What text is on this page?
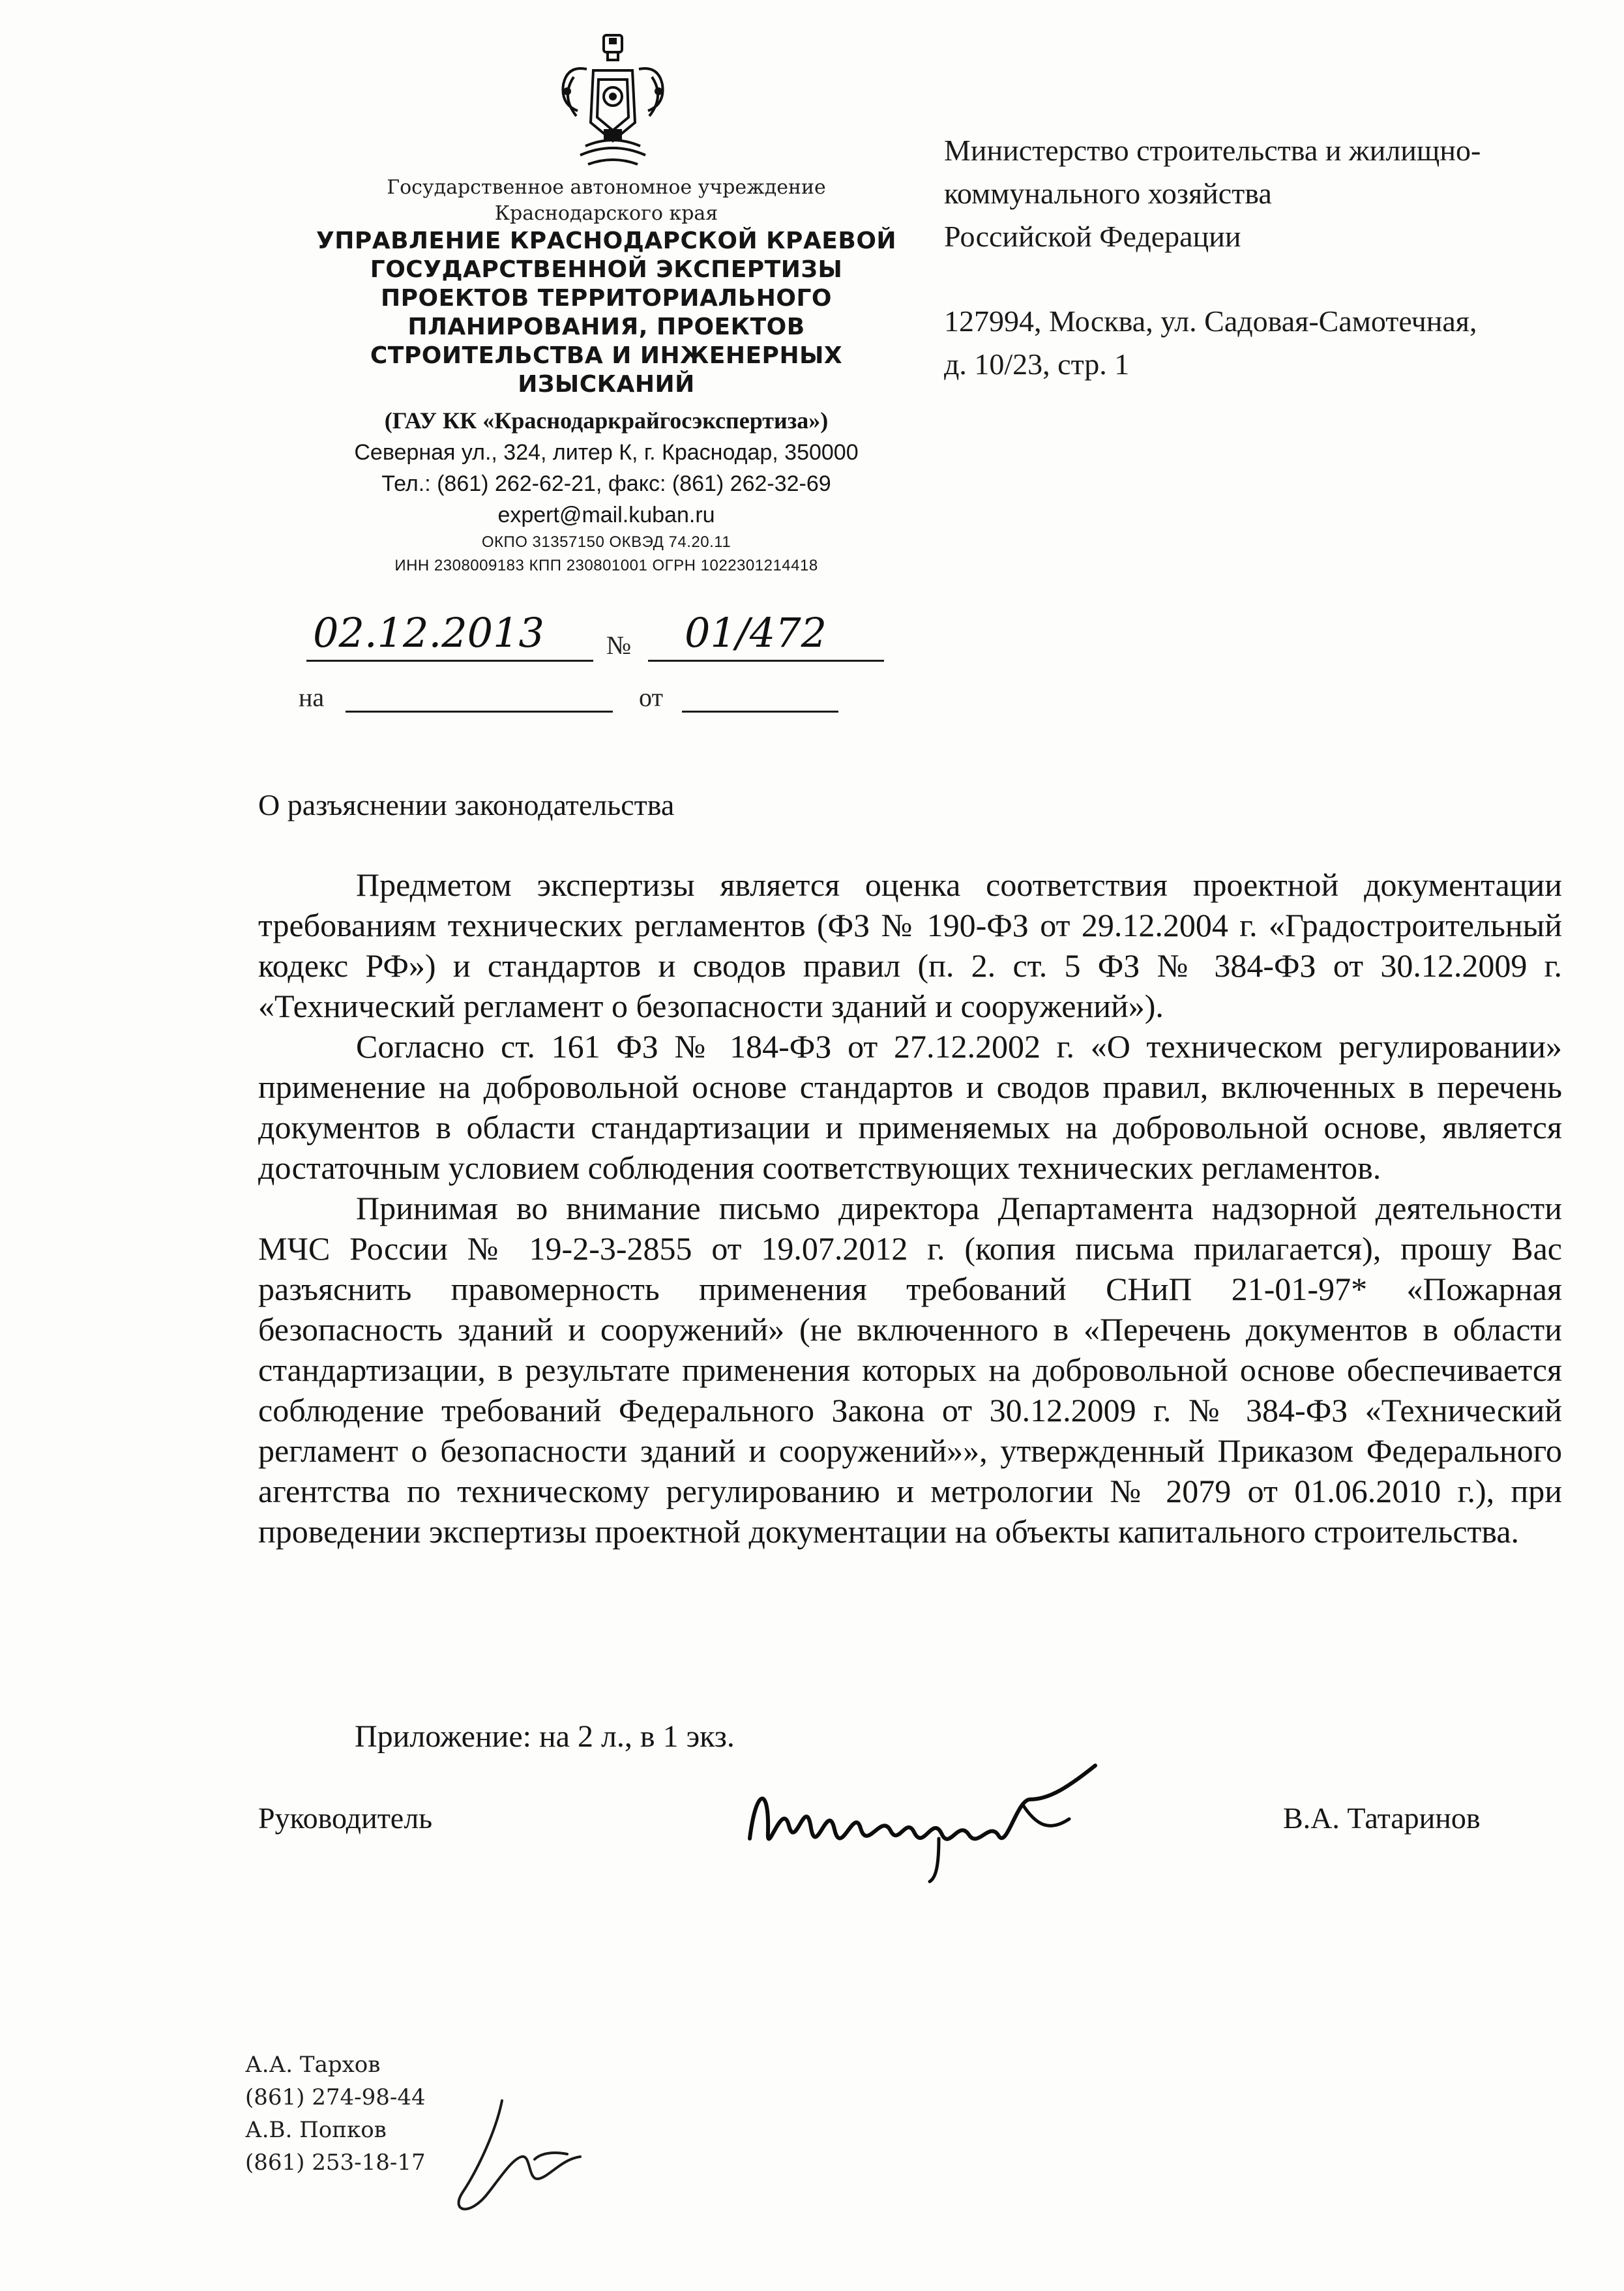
Государственное автономное учреждение
Краснодарского края
УПРАВЛЕНИЕ КРАСНОДАРСКОЙ КРАЕВОЙ
ГОСУДАРСТВЕННОЙ ЭКСПЕРТИЗЫ
ПРОЕКТОВ ТЕРРИТОРИАЛЬНОГО
ПЛАНИРОВАНИЯ, ПРОЕКТОВ
СТРОИТЕЛЬСТВА И ИНЖЕНЕРНЫХ
ИЗЫСКАНИЙ
(ГАУ КК «Краснодаркрайгосэкспертиза»)
Северная ул., 324, литер К, г. Краснодар, 350000
Тел.: (861) 262-62-21, факс: (861) 262-32-69
expert@mail.kuban.ru
ОКПО 31357150 ОКВЭД 74.20.11
ИНН 2308009183 КПП 230801001 ОГРН 1022301214418
02.12.2013 № 01/472
на	от
Министерство строительства и жилищно-
коммунального хозяйства
Российской Федерации
127994, Москва, ул. Садовая-Самотечная,
д. 10/23, стр. 1
О разъяснении законодательства

Предметом экспертизы является оценка соответствия проектной документации требованиям технических регламентов (ФЗ № 190-ФЗ от 29.12.2004 г. «Градостроительный кодекс РФ») и стандартов и сводов правил (п. 2. ст. 5 ФЗ № 384-ФЗ от 30.12.2009 г. «Технический регламент о безопасности зданий и сооружений»).

Согласно ст. 161 ФЗ № 184-ФЗ от 27.12.2002 г. «О техническом регулировании» применение на добровольной основе стандартов и сводов правил, включенных в перечень документов в области стандартизации и применяемых на добровольной основе, является достаточным условием соблюдения соответствующих технических регламентов.

Принимая во внимание письмо директора Департамента надзорной деятельности МЧС России № 19-2-3-2855 от 19.07.2012 г. (копия письма прилагается), прошу Вас разъяснить правомерность применения требований СНиП 21-01-97* «Пожарная безопасность зданий и сооружений» (не включенного в «Перечень документов в области стандартизации, в результате применения которых на добровольной основе обеспечивается соблюдение требований Федерального Закона от 30.12.2009 г. № 384-ФЗ «Технический регламент о безопасности зданий и сооружений»», утвержденный Приказом Федерального агентства по техническому регулированию и метрологии № 2079 от 01.06.2010 г.), при проведении экспертизы проектной документации на объекты капитального строительства.

Приложение: на 2 л., в 1 экз.
Руководитель	В.А. Татаринов
А.А. Тархов
(861) 274-98-44
А.В. Попков
(861) 253-18-17
